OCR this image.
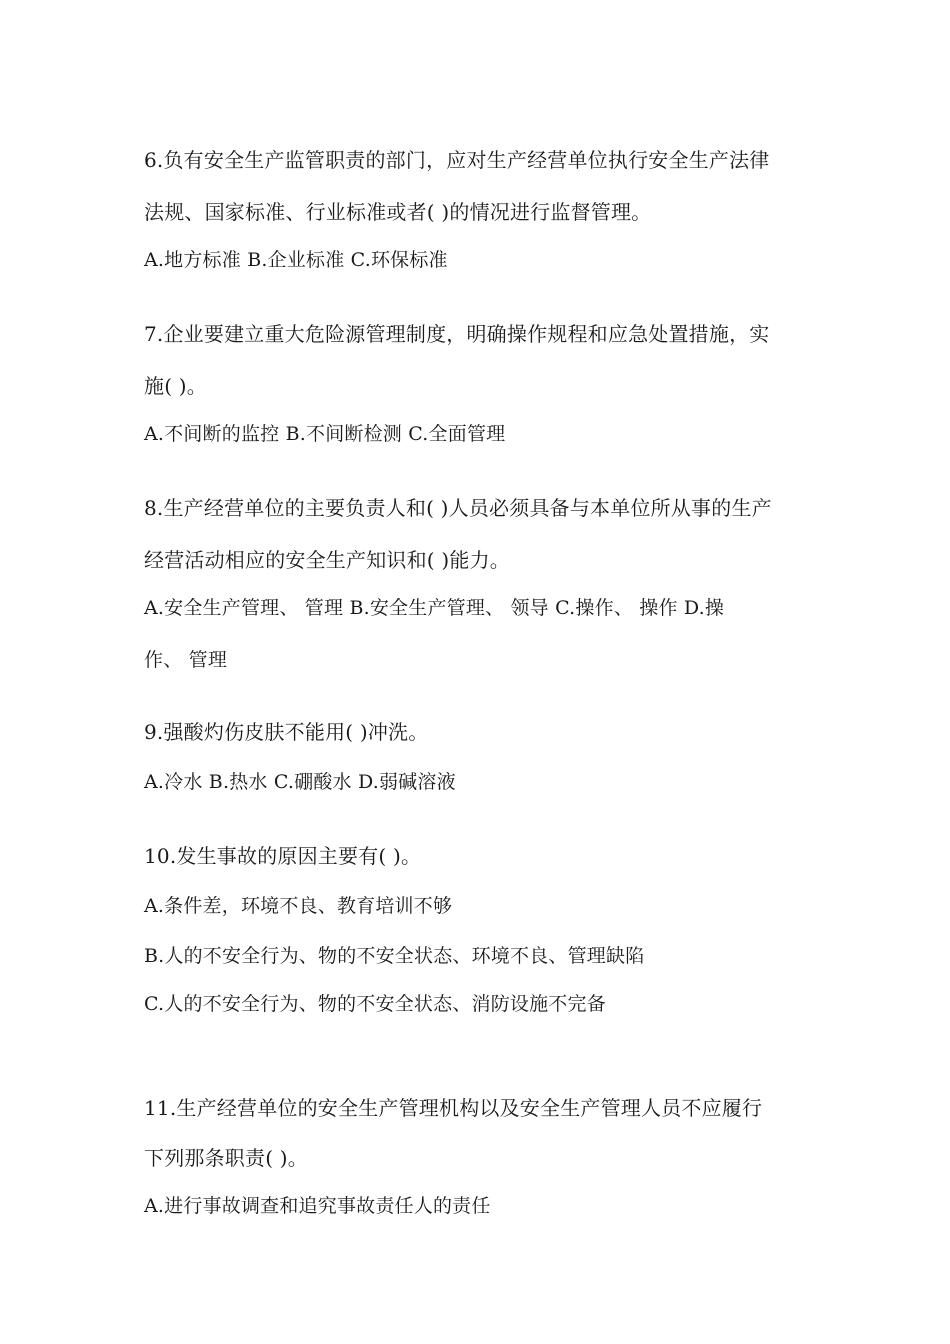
6.负有安全生产监管职责的部门，应对生产经营单位执行安全生产法律
法规、国家标准、行业标准或者( )的情况进行监督管理。
A.地方标准 B.企业标准 C.环保标准
7.企业要建立重大危险源管理制度，明确操作规程和应急处置措施，实
施( )。
A.不间断的监控 B.不间断检测 C.全面管理
8.生产经营单位的主要负责人和( )人员必须具备与本单位所从事的生产
经营活动相应的安全生产知识和( )能力。
A.安全生产管理、 管理 B.安全生产管理、 领导 C.操作、 操作 D.操
作、 管理
9.强酸灼伤皮肤不能用( )冲洗。
A.冷水 B.热水 C.硼酸水 D.弱碱溶液
10.发生事故的原因主要有( )。
A.条件差，环境不良、教育培训不够
B.人的不安全行为、物的不安全状态、环境不良、管理缺陷
C.人的不安全行为、物的不安全状态、消防设施不完备
11.生产经营单位的安全生产管理机构以及安全生产管理人员不应履行
下列那条职责( )。
A.进行事故调查和追究事故责任人的责任
